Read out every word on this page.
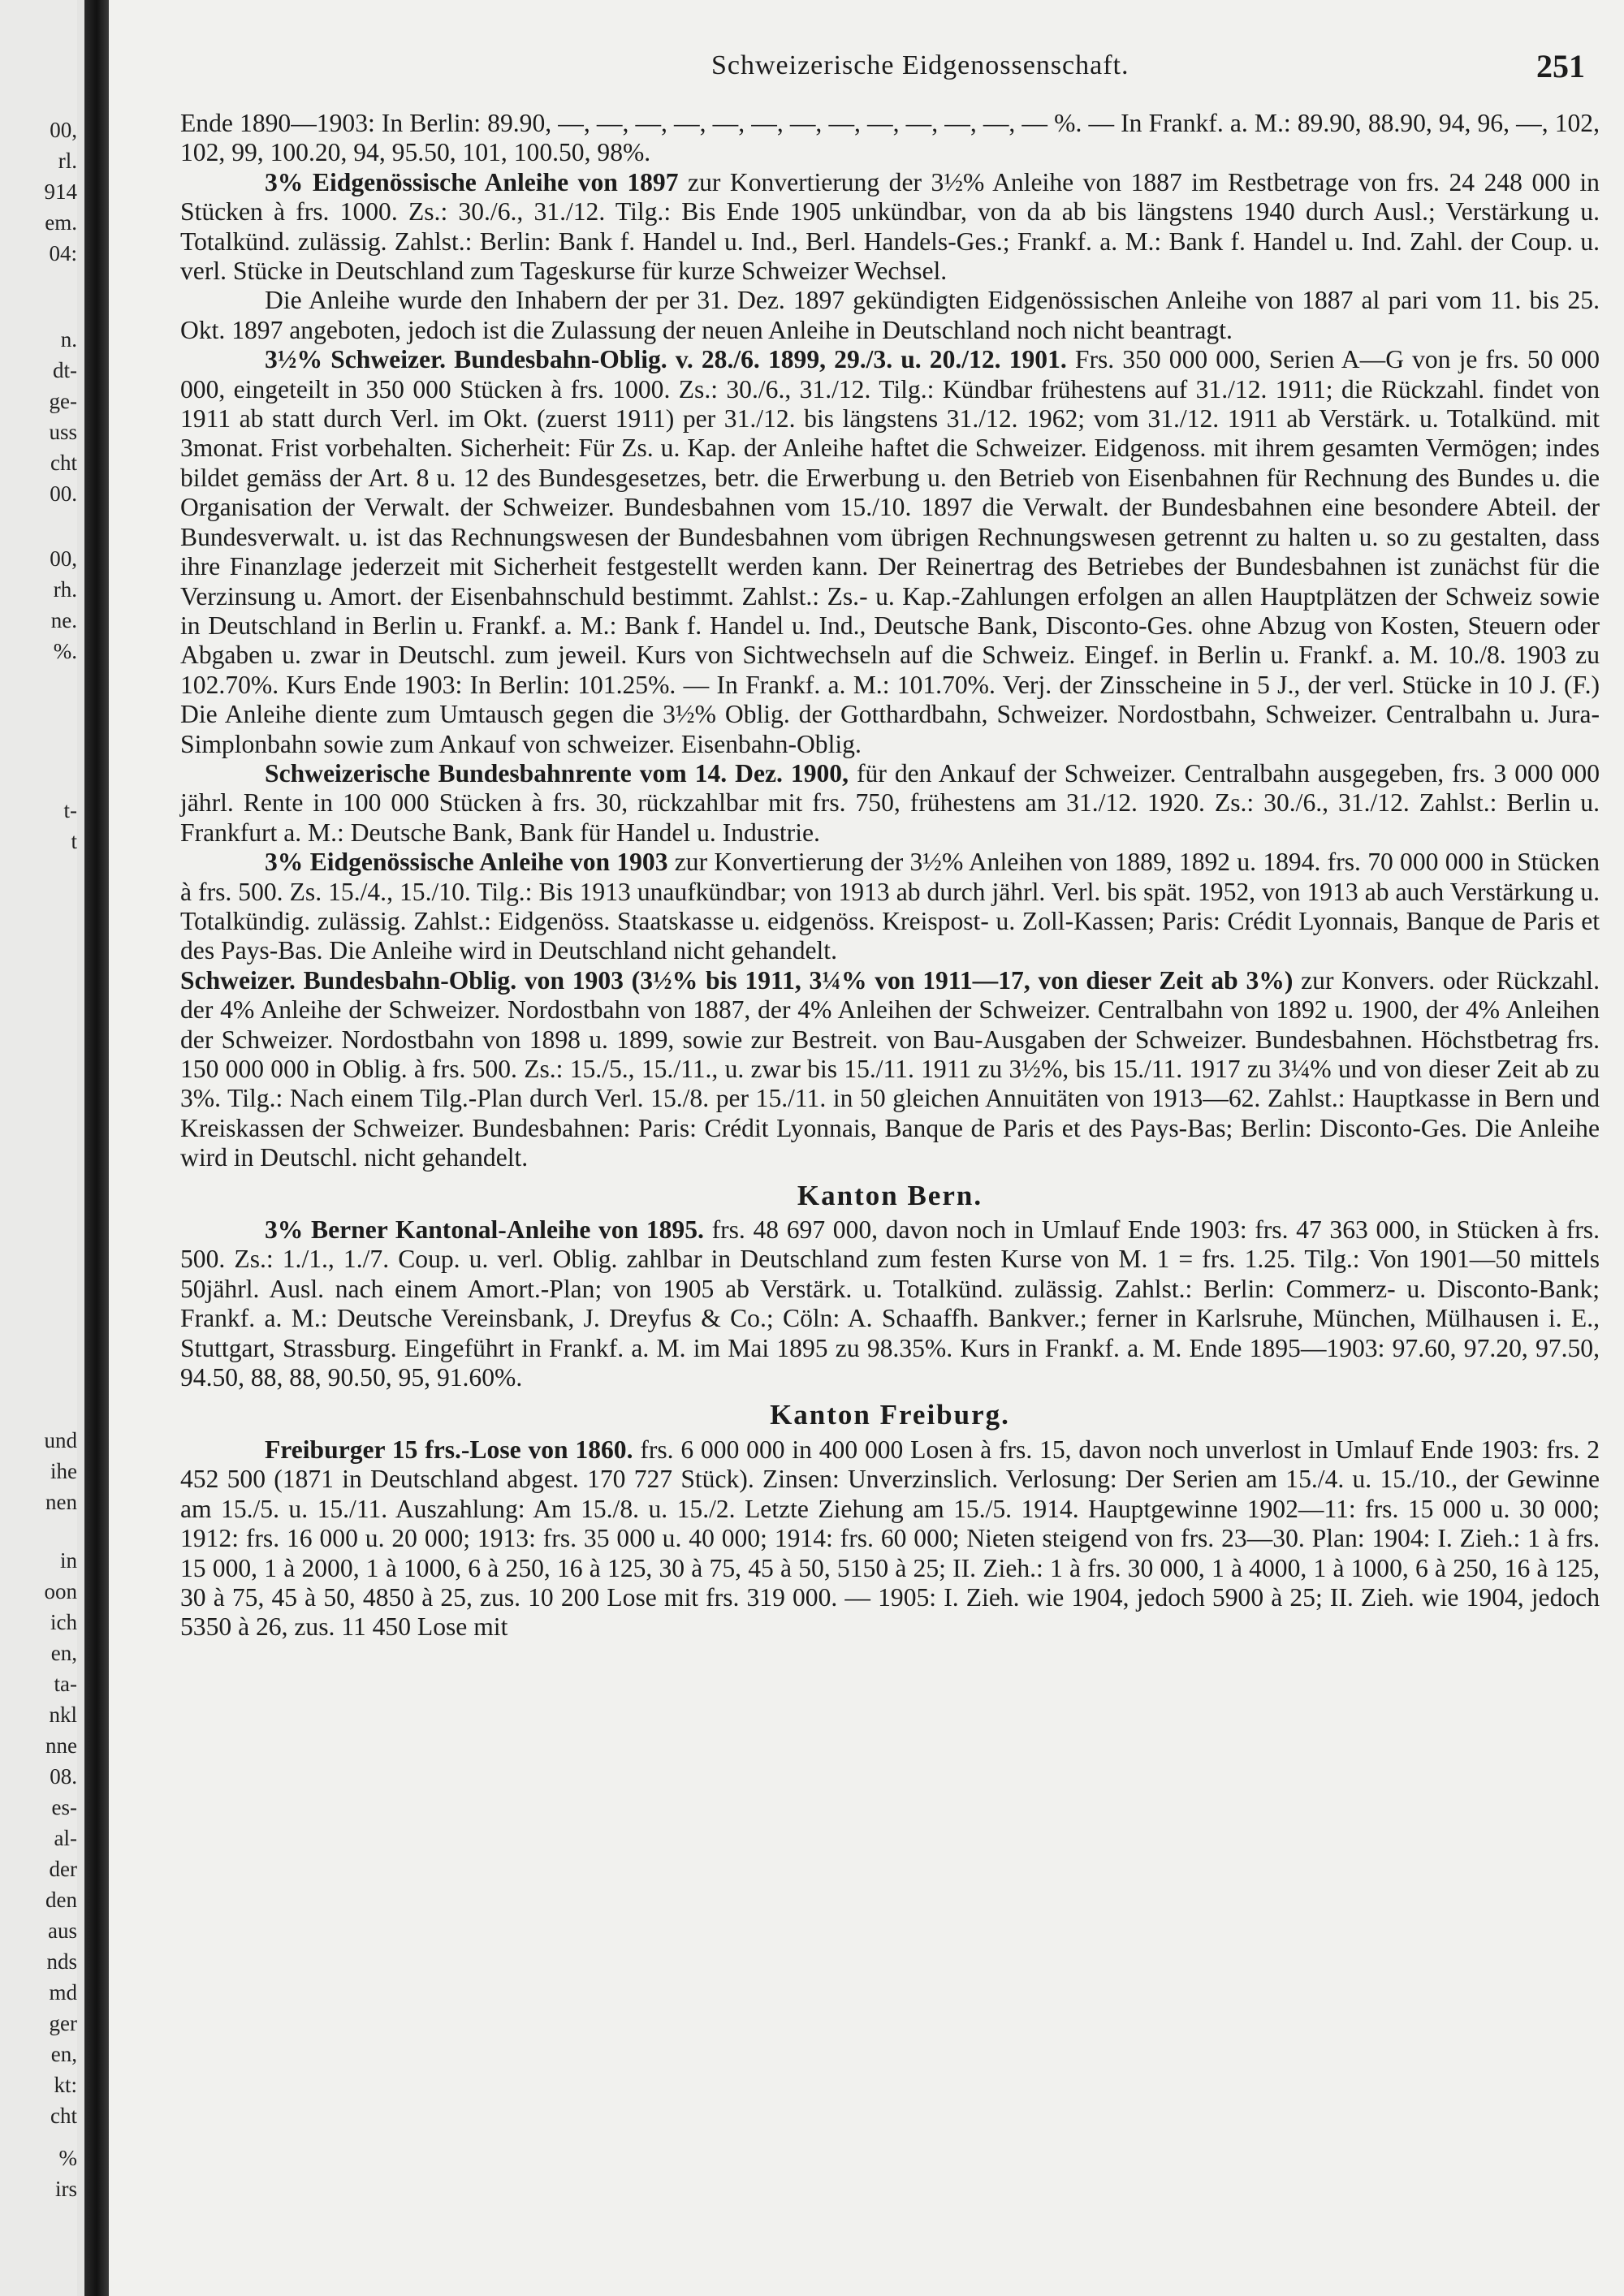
00,
rl.
914
em.
04:
n.
dt-
ge-
uss
cht
00.
00,
rh.
ne.
%.
t-
t
und
ihe
nen
in
oon
ich
en,
ta-
nkl
nne
08.
es-
al-
der
den
aus
nds
md
ger
en,
kt:
cht
%
irs
Schweizerische Eidgenossenschaft.	251

Ende 1890—1903: In Berlin: 89.90, —, —, —, —, —, —, —, —, —, —, —, —, — %. — In Frankf. a. M.: 89.90, 88.90, 94, 96, —, 102, 102, 99, 100.20, 94, 95.50, 101, 100.50, 98%.

3% Eidgenössische Anleihe von 1897 zur Konvertierung der 3½% Anleihe von 1887 im Restbetrage von frs. 24 248 000 in Stücken à frs. 1000. Zs.: 30./6., 31./12. Tilg.: Bis Ende 1905 unkündbar, von da ab bis längstens 1940 durch Ausl.; Verstärkung u. Totalkünd. zulässig. Zahlst.: Berlin: Bank f. Handel u. Ind., Berl. Handels-Ges.; Frankf. a. M.: Bank f. Handel u. Ind. Zahl. der Coup. u. verl. Stücke in Deutschland zum Tageskurse für kurze Schweizer Wechsel.

Die Anleihe wurde den Inhabern der per 31. Dez. 1897 gekündigten Eidgenössischen Anleihe von 1887 al pari vom 11. bis 25. Okt. 1897 angeboten, jedoch ist die Zulassung der neuen Anleihe in Deutschland noch nicht beantragt.

3½% Schweizer. Bundesbahn-Oblig. v. 28./6. 1899, 29./3. u. 20./12. 1901. Frs. 350 000 000, Serien A—G von je frs. 50 000 000, eingeteilt in 350 000 Stücken à frs. 1000. Zs.: 30./6., 31./12. Tilg.: Kündbar frühestens auf 31./12. 1911; die Rückzahl. findet von 1911 ab statt durch Verl. im Okt. (zuerst 1911) per 31./12. bis längstens 31./12. 1962; vom 31./12. 1911 ab Verstärk. u. Totalkünd. mit 3monat. Frist vorbehalten. Sicherheit: Für Zs. u. Kap. der Anleihe haftet die Schweizer. Eidgenoss. mit ihrem gesamten Vermögen; indes bildet gemäss der Art. 8 u. 12 des Bundesgesetzes, betr. die Erwerbung u. den Betrieb von Eisenbahnen für Rechnung des Bundes u. die Organisation der Verwalt. der Schweizer. Bundesbahnen vom 15./10. 1897 die Verwalt. der Bundesbahnen eine besondere Abteil. der Bundesverwalt. u. ist das Rechnungswesen der Bundesbahnen vom übrigen Rechnungswesen getrennt zu halten u. so zu gestalten, dass ihre Finanzlage jederzeit mit Sicherheit festgestellt werden kann. Der Reinertrag des Betriebes der Bundesbahnen ist zunächst für die Verzinsung u. Amort. der Eisenbahnschuld bestimmt. Zahlst.: Zs.- u. Kap.-Zahlungen erfolgen an allen Hauptplätzen der Schweiz sowie in Deutschland in Berlin u. Frankf. a. M.: Bank f. Handel u. Ind., Deutsche Bank, Disconto-Ges. ohne Abzug von Kosten, Steuern oder Abgaben u. zwar in Deutschl. zum jeweil. Kurs von Sichtwechseln auf die Schweiz. Eingef. in Berlin u. Frankf. a. M. 10./8. 1903 zu 102.70%. Kurs Ende 1903: In Berlin: 101.25%. — In Frankf. a. M.: 101.70%. Verj. der Zinsscheine in 5 J., der verl. Stücke in 10 J. (F.) Die Anleihe diente zum Umtausch gegen die 3½% Oblig. der Gotthardbahn, Schweizer. Nordostbahn, Schweizer. Centralbahn u. Jura-Simplonbahn sowie zum Ankauf von schweizer. Eisenbahn-Oblig.

Schweizerische Bundesbahnrente vom 14. Dez. 1900, für den Ankauf der Schweizer. Centralbahn ausgegeben, frs. 3 000 000 jährl. Rente in 100 000 Stücken à frs. 30, rückzahlbar mit frs. 750, frühestens am 31./12. 1920. Zs.: 30./6., 31./12. Zahlst.: Berlin u. Frankfurt a. M.: Deutsche Bank, Bank für Handel u. Industrie.

3% Eidgenössische Anleihe von 1903 zur Konvertierung der 3½% Anleihen von 1889, 1892 u. 1894. frs. 70 000 000 in Stücken à frs. 500. Zs. 15./4., 15./10. Tilg.: Bis 1913 unaufkündbar; von 1913 ab durch jährl. Verl. bis spät. 1952, von 1913 ab auch Verstärkung u. Totalkündig. zulässig. Zahlst.: Eidgenöss. Staatskasse u. eidgenöss. Kreispost- u. Zoll-Kassen; Paris: Crédit Lyonnais, Banque de Paris et des Pays-Bas. Die Anleihe wird in Deutschland nicht gehandelt.

Schweizer. Bundesbahn-Oblig. von 1903 (3½% bis 1911, 3¼% von 1911—17, von dieser Zeit ab 3%) zur Konvers. oder Rückzahl. der 4% Anleihe der Schweizer. Nordostbahn von 1887, der 4% Anleihen der Schweizer. Centralbahn von 1892 u. 1900, der 4% Anleihen der Schweizer. Nordostbahn von 1898 u. 1899, sowie zur Bestreit. von Bau-Ausgaben der Schweizer. Bundesbahnen. Höchstbetrag frs. 150 000 000 in Oblig. à frs. 500. Zs.: 15./5., 15./11., u. zwar bis 15./11. 1911 zu 3½%, bis 15./11. 1917 zu 3¼% und von dieser Zeit ab zu 3%. Tilg.: Nach einem Tilg.-Plan durch Verl. 15./8. per 15./11. in 50 gleichen Annuitäten von 1913—62. Zahlst.: Hauptkasse in Bern und Kreiskassen der Schweizer. Bundesbahnen: Paris: Crédit Lyonnais, Banque de Paris et des Pays-Bas; Berlin: Disconto-Ges. Die Anleihe wird in Deutschl. nicht gehandelt.

Kanton Bern.

3% Berner Kantonal-Anleihe von 1895. frs. 48 697 000, davon noch in Umlauf Ende 1903: frs. 47 363 000, in Stücken à frs. 500. Zs.: 1./1., 1./7. Coup. u. verl. Oblig. zahlbar in Deutschland zum festen Kurse von M. 1 = frs. 1.25. Tilg.: Von 1901—50 mittels 50jährl. Ausl. nach einem Amort.-Plan; von 1905 ab Verstärk. u. Totalkünd. zulässig. Zahlst.: Berlin: Commerz- u. Disconto-Bank; Frankf. a. M.: Deutsche Vereinsbank, J. Dreyfus & Co.; Cöln: A. Schaaffh. Bankver.; ferner in Karlsruhe, München, Mülhausen i. E., Stuttgart, Strassburg. Eingeführt in Frankf. a. M. im Mai 1895 zu 98.35%. Kurs in Frankf. a. M. Ende 1895—1903: 97.60, 97.20, 97.50, 94.50, 88, 88, 90.50, 95, 91.60%.

Kanton Freiburg.

Freiburger 15 frs.-Lose von 1860. frs. 6 000 000 in 400 000 Losen à frs. 15, davon noch unverlost in Umlauf Ende 1903: frs. 2 452 500 (1871 in Deutschland abgest. 170 727 Stück). Zinsen: Unverzinslich. Verlosung: Der Serien am 15./4. u. 15./10., der Gewinne am 15./5. u. 15./11. Auszahlung: Am 15./8. u. 15./2. Letzte Ziehung am 15./5. 1914. Hauptgewinne 1902—11: frs. 15 000 u. 30 000; 1912: frs. 16 000 u. 20 000; 1913: frs. 35 000 u. 40 000; 1914: frs. 60 000; Nieten steigend von frs. 23—30. Plan: 1904: I. Zieh.: 1 à frs. 15 000, 1 à 2000, 1 à 1000, 6 à 250, 16 à 125, 30 à 75, 45 à 50, 5150 à 25; II. Zieh.: 1 à frs. 30 000, 1 à 4000, 1 à 1000, 6 à 250, 16 à 125, 30 à 75, 45 à 50, 4850 à 25, zus. 10 200 Lose mit frs. 319 000. — 1905: I. Zieh. wie 1904, jedoch 5900 à 25; II. Zieh. wie 1904, jedoch 5350 à 26, zus. 11 450 Lose mit
